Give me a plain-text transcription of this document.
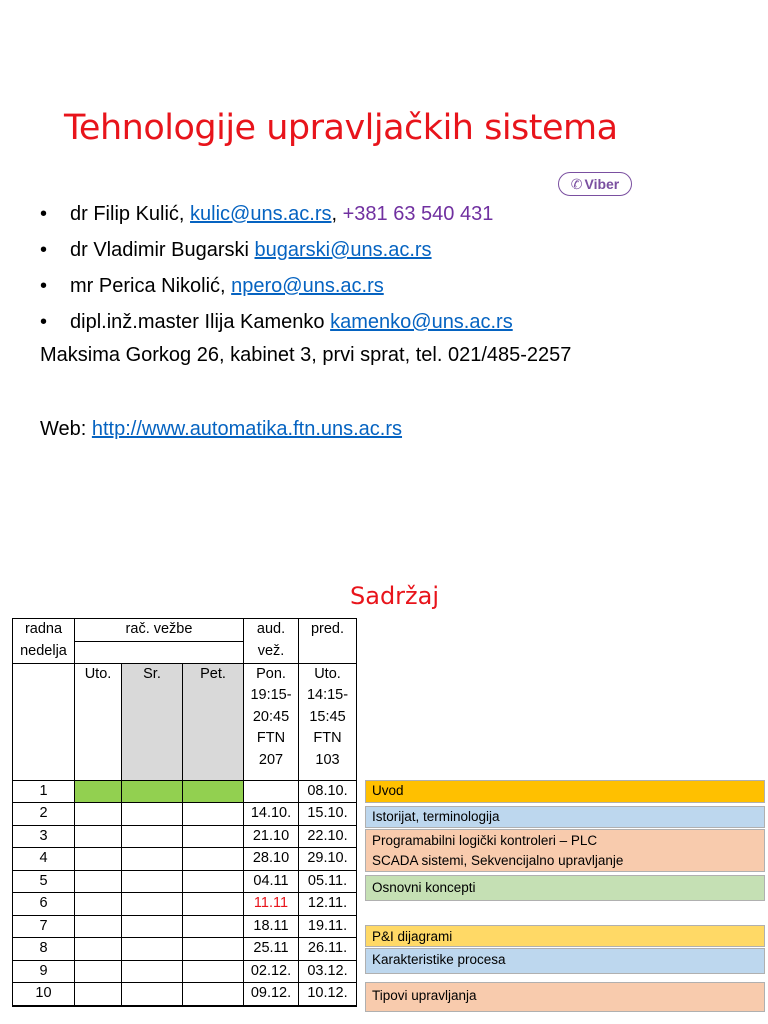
Tehnologije upravljačkih sistema
✆ Viber
• dr Filip Kulić, kulic@uns.ac.rs, +381 63 540 431
• dr Vladimir Bugarski bugarski@uns.ac.rs
• mr Perica Nikolić, npero@uns.ac.rs
• dipl.inž.master Ilija Kamenko kamenko@uns.ac.rs
Maksima Gorkog 26, kabinet 3, prvi sprat, tel. 021/485-2257
Web: http://www.automatika.ftn.uns.ac.rs
Sadržaj
radna nedelja	rač. vežbe			aud. vež.	pred.

	Uto.	Sr.	Pet.	Pon. 19:15-20:45 FTN 207	Uto. 14:15-15:45 FTN 103
1					08.10.
2				14.10.	15.10.
3				21.10	22.10.
4				28.10	29.10.
5				04.11	05.11.
6				11.11	12.11.
7				18.11	19.11.
8				25.11	26.11.
9				02.12.	03.12.
10				09.12.	10.12.

Uvod
Istorijat, terminologija
Programabilni logički kontroleri – PLC
SCADA sistemi, Sekvencijalno upravljanje
Osnovni koncepti
P&I dijagrami
Karakteristike procesa
Tipovi upravljanja
